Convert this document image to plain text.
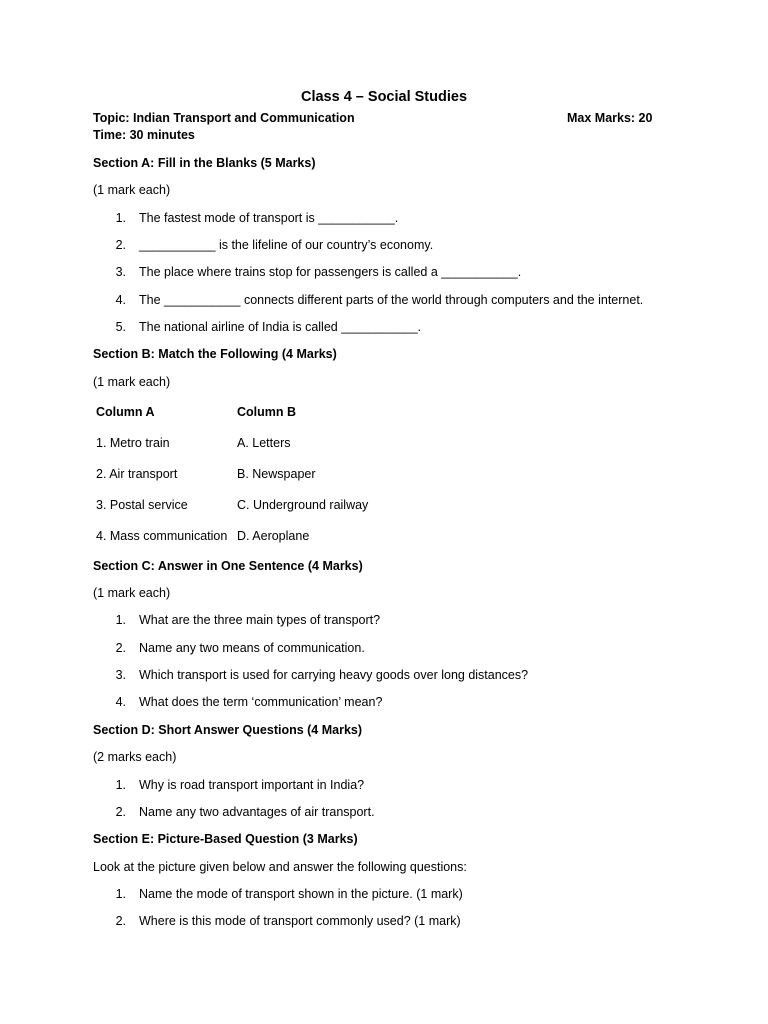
Class 4 – Social Studies
Topic: Indian Transport and Communication	Max Marks: 20
Time: 30 minutes
Section A: Fill in the Blanks (5 Marks)
(1 mark each)
1. The fastest mode of transport is ___________.
2. ___________ is the lifeline of our country’s economy.
3. The place where trains stop for passengers is called a ___________.
4. The ___________ connects different parts of the world through computers and the internet.
5. The national airline of India is called ___________.
Section B: Match the Following (4 Marks)
(1 mark each)
Column A	Column B
1. Metro train	A. Letters
2. Air transport	B. Newspaper
3. Postal service	C. Underground railway
4. Mass communication D. Aeroplane
Section C: Answer in One Sentence (4 Marks)
(1 mark each)
1. What are the three main types of transport?
2. Name any two means of communication.
3. Which transport is used for carrying heavy goods over long distances?
4. What does the term ‘communication’ mean?
Section D: Short Answer Questions (4 Marks)
(2 marks each)
1. Why is road transport important in India?
2. Name any two advantages of air transport.
Section E: Picture-Based Question (3 Marks)
Look at the picture given below and answer the following questions:
1. Name the mode of transport shown in the picture. (1 mark)
2. Where is this mode of transport commonly used? (1 mark)
